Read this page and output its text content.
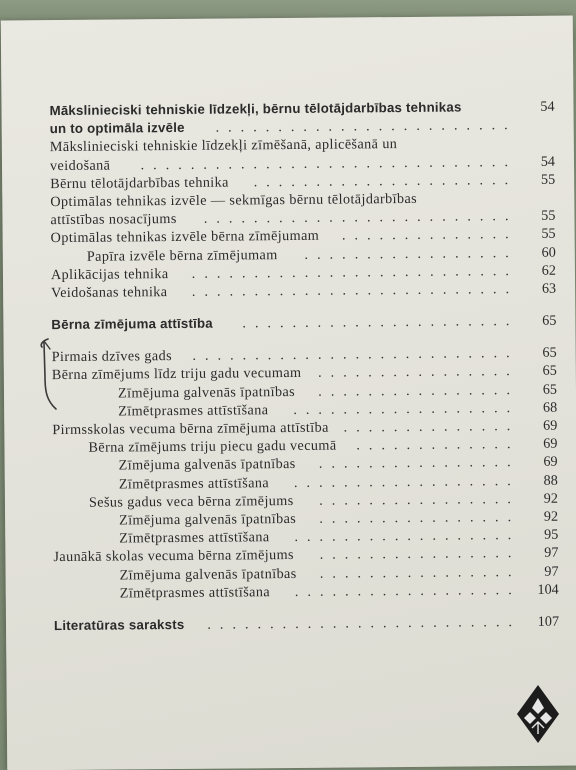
Mākslinieciski tehniskie līdzekļi, bērnu tēlotājdarbības tehnikas	54
un to optimāla izvēle ........................
Mākslinieciski tehniskie līdzekļi zīmēšanā, aplicēšanā un
veidošanā .............................. 54
Bērnu tēlotājdarbības tehnika ..................... 55
Optimālas tehnikas izvēle — sekmīgas bērnu tēlotājdarbības
attīstības nosacījums ......................... 55
Optimālas tehnikas izvēle bērna zīmējumam .............. 55
Papīra izvēle bērna zīmējumam ................. 60
Aplikācijas tehnika .......................... 62
Veidošanas tehnika .......................... 63
Bērna zīmējuma attīstība ...................... 65
Pirmais dzīves gads .......................... 65
Bērna zīmējums līdz triju gadu vecumam ................ 65
Zīmējuma galvenās īpatnības ................ 65
Zīmētprasmes attīstīšana .................. 68
Pirmsskolas vecuma bērna zīmējuma attīstība .............. 69
Bērna zīmējums triju piecu gadu vecumā ............. 69
Zīmējuma galvenās īpatnības ................ 69
Zīmētprasmes attīstīšana .................. 88
Sešus gadus veca bērna zīmējums ................ 92
Zīmējuma galvenās īpatnības ................ 92
Zīmētprasmes attīstīšana .................. 95
Jaunākā skolas vecuma bērna zīmējums ................ 97
Zīmējuma galvenās īpatnības ................ 97
Zīmētprasmes attīstīšana .................. 104
Literatūras saraksts ......................... 107
